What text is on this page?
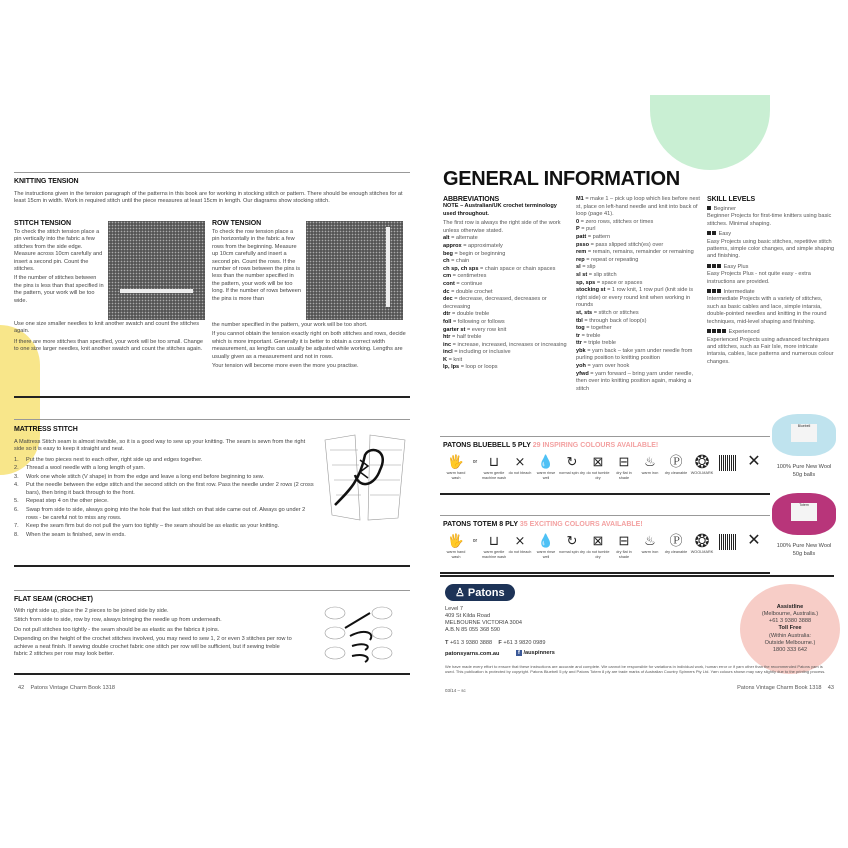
KNITTING TENSION

The instructions given in the tension paragraph of the patterns in this book are for working in stocking stitch or pattern. There should be enough stitches for at least 15cm in width. Work in required stitch until the piece measures at least 15cm in length. Our diagrams show stocking stitch.

STITCH TENSION

To check the stitch tension place a pin vertically into the fabric a few stitches from the side edge. Measure across 10cm carefully and insert a second pin. Count the stitches.

If the number of stitches between the pins is less than that specified in the pattern, your work will be too wide.

Use one size smaller needles to knit another swatch and count the stitches again.

If there are more stitches than specified, your work will be too small. Change to one size larger needles, knit another swatch and count the stitches again.

ROW TENSION

To check the row tension place a pin horizontally in the fabric a few rows from the beginning. Measure up 10cm carefully and insert a second pin. Count the rows. If the number of rows between the pins is less than the number specified in the pattern, your work will be too long. If the number of rows between the pins is more than

the number specified in the pattern, your work will be too short.

If you cannot obtain the tension exactly right on both stitches and rows, decide which is more important. Generally it is better to obtain a correct width measurement, as lengths can usually be adjusted while working. Lengths are usually given as a measurement and not in rows.

Your tension will become more even the more you practise.

MATTRESS STITCH

A Mattress Stitch seam is almost invisible, so it is a good way to sew up your knitting. The seam is sewn from the right side so it is easy to keep it straight and neat.

1.	Put the two pieces next to each other, right side up and edges together.
2.	Thread a wool needle with a long length of yarn.
3.	Work one whole stitch (V shape) in from the edge and leave a long end before beginning to sew.
4.	Put the needle between the edge stitch and the second stitch on the first row. Pass the needle under 2 rows (2 cross bars), then bring it back through to the front.
5.	Repeat step 4 on the other piece.
6.	Swap from side to side, always going into the hole that the last stitch on that side came out of. Always go under 2 rows - be careful not to miss any rows.
7.	Keep the seam firm but do not pull the yarn too tightly – the seam should be as elastic as your knitting.
8.	When the seam is finished, sew in ends.
FLAT SEAM (CROCHET)

With right side up, place the 2 pieces to be joined side by side.

Stitch from side to side, row by row, always bringing the needle up from underneath.

Do not pull stitches too tightly - the seam should be as elastic as the fabrics it joins.

Depending on the height of the crochet stitches involved, you may need to sew 1, 2 or even 3 stitches per row to achieve a neat finish. If sewing double crochet fabric one stitch per row will be sufficient, but if sewing treble fabric 2 stitches per row may look better.

42 Patons Vintage Charm Book 1318
GENERAL INFORMATION
ABBREVIATIONS
NOTE – Australian/UK crochet terminology used throughout.
The first row is always the right side of the work unless otherwise stated.
alt = alternate
approx = approximately
beg = begin or beginning
ch = chain
ch sp, ch sps = chain space or chain spaces
cm = centimetres
cont = continue
dc = double crochet
dec = decrease, decreased, decreases or decreasing
dtr = double treble
foll = following or follows
garter st = every row knit
htr = half treble
inc = increase, increased, increases or increasing
incl = including or inclusive
K = knit
lp, lps = loop or loops
M1 = make 1 – pick up loop which lies before next st, place on left-hand needle and knit into back of loop (page 41).
0 = zero rows, stitches or times
P = purl
patt = pattern
psso = pass slipped stitch(es) over
rem = remain, remains, remainder or remaining
rep = repeat or repeating
sl = slip
sl st = slip stitch
sp, sps = space or spaces
stocking st = 1 row knit, 1 row purl (knit side is right side) or every round knit when working in rounds
st, sts = stitch or stitches
tbl = through back of loop(s)
tog = together
tr = treble
ttr = triple treble
ybk = yarn back – take yarn under needle from purling position to knitting position
yoh = yarn over hook
yfwd = yarn forward – bring yarn under needle, then over into knitting position again, making a stitch
SKILL LEVELS
Beginner
Beginner Projects for first-time knitters using basic stitches. Minimal shaping.
Easy
Easy Projects using basic stitches, repetitive stitch patterns, simple color changes, and simple shaping and finishing.
Easy Plus
Easy Projects Plus - not quite easy - extra instructions are provided.
Intermediate
Intermediate Projects with a variety of stitches, such as basic cables and lace, simple intarsia, double-pointed needles and knitting in the round techniques, mid-level shaping and finishing.
Experienced
Experienced Projects using advanced techniques and stitches, such as Fair Isle, more intricate intarsia, cables, lace patterns and numerous colour changes.
Bluebell
PATONS BLUEBELL 5 PLY 29 INSPIRING COLOURS AVAILABLE!
🖐
warm hand wash
or ⊔
warm gentle machine wash
⨯
do not bleach
💧
warm rinse well
↻
normal spin dry
⊠
do not tumble dry
⊟
dry flat in shade
♨
warm iron
Ⓟ
dry cleanable
❂
WOOLMARK
✕	100% Pure New Wool
50g balls
Totem
PATONS TOTEM 8 PLY 35 EXCITING COLOURS AVAILABLE!
🖐
warm hand wash
or ⊔
warm gentle machine wash
⨯
do not bleach
💧
warm rinse well
↻
normal spin dry
⊠
do not tumble dry
⊟
dry flat in shade
♨
warm iron
Ⓟ
dry cleanable
❂
WOOLMARK
✕	100% Pure New Wool
50g balls
♙ Patons
Level 7
409 St Kilda Road
MELBOURNE VICTORIA 3004
A.B.N 85 055 368 590
T +61 3 9380 3888 F +61 3 9820 0989
patonsyarns.com.au	f /auspinners
Assistline
(Melbourne, Australia.)
+61 3 9380 3888
Toll Free
(Within Australia:
Outside Melbourne.)
1800 333 642
We have made every effort to ensure that these instructions are accurate and complete. We cannot be responsible for variations in individual work, human error or if yarn other than the recommended Patons yarn is used. This publication is protected by copyright. Patons Bluebell 5 ply and Patons Totem 8 ply are trade marks of Australian Country Spinners Pty Ltd. Yarn colours shown may vary slightly due to the printing process.
03/14 – sc	Patons Vintage Charm Book 1318 43
